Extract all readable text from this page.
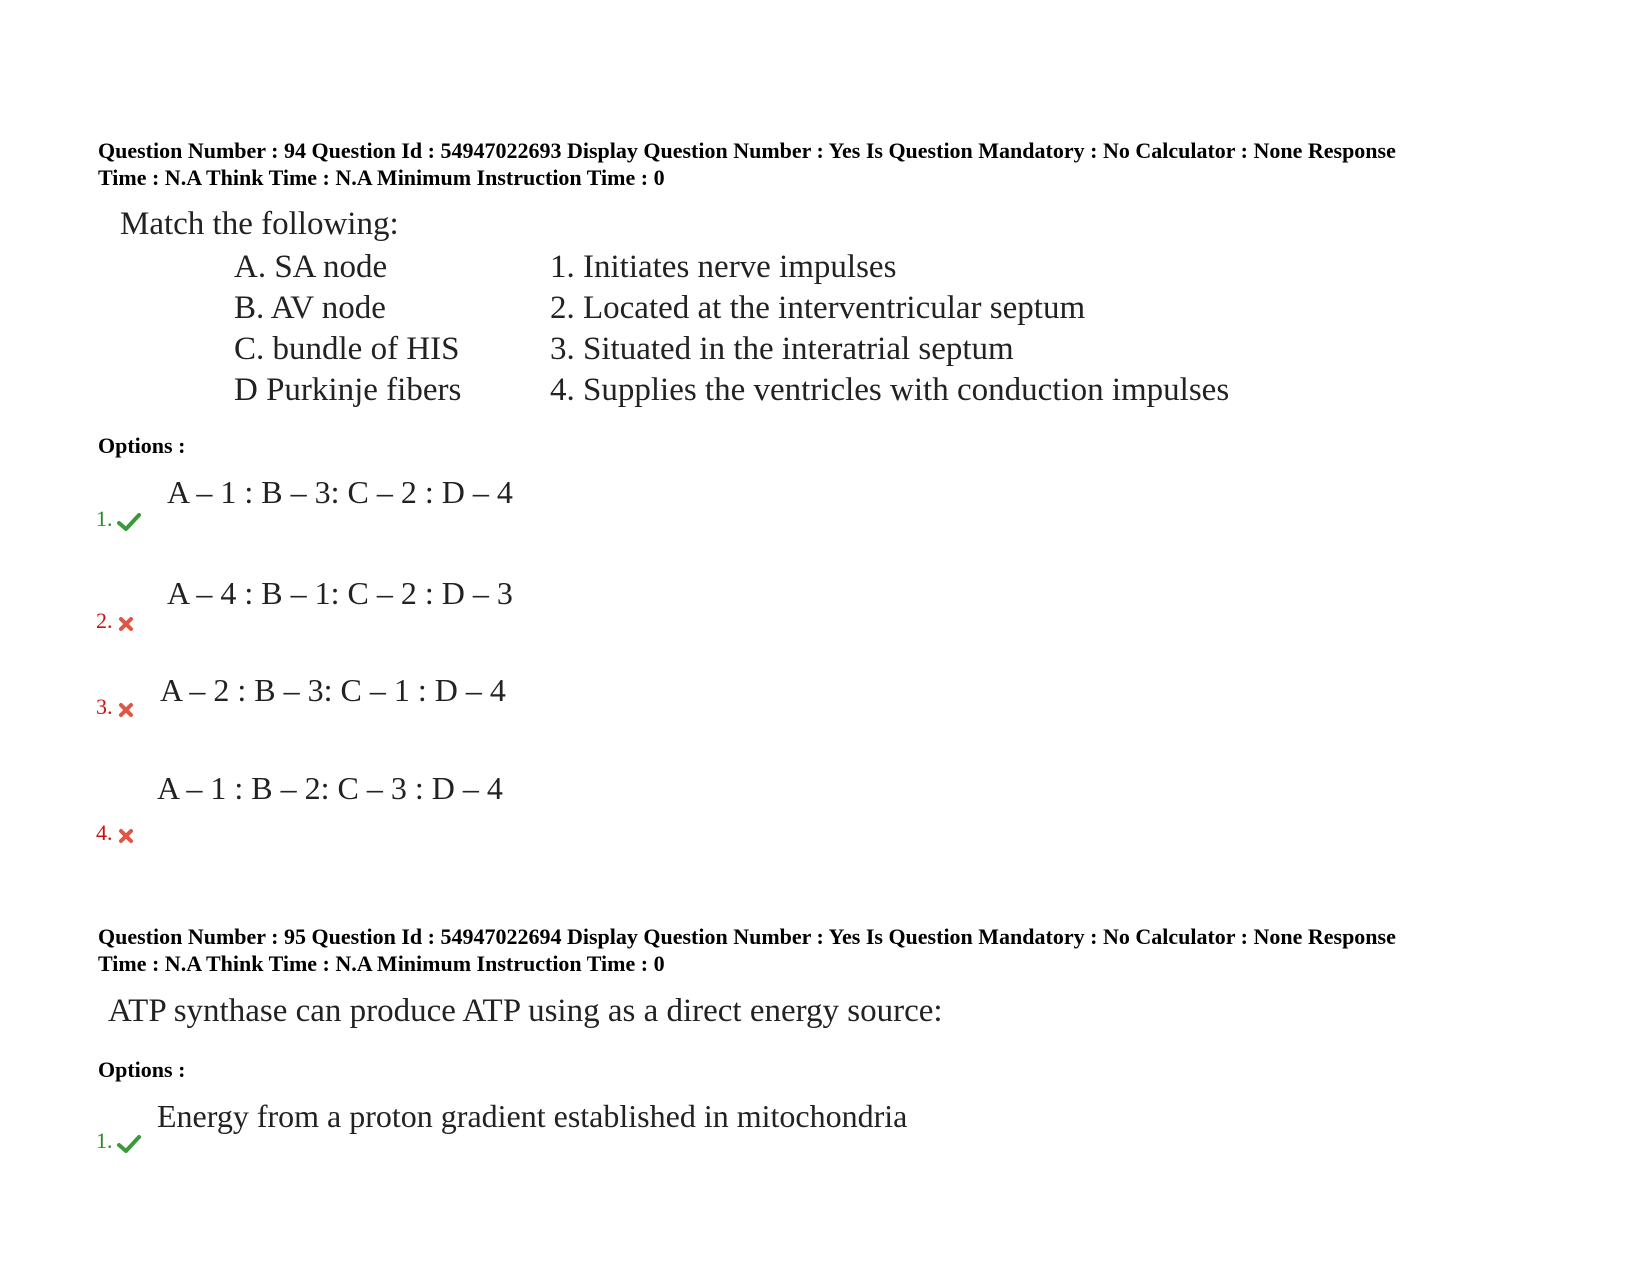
Question Number : 94 Question Id : 54947022693 Display Question Number : Yes Is Question Mandatory : No Calculator : None Response
Time : N.A Think Time : N.A Minimum Instruction Time : 0
Match the following:
A. SA node
B. AV node
C. bundle of HIS
D Purkinje fibers
1. Initiates nerve impulses
2. Located at the interventricular septum
3. Situated in the interatrial septum
4. Supplies the ventricles with conduction impulses
Options :
A – 1 : B – 3: C – 2 : D – 4
1.
A – 4 : B – 1: C – 2 : D – 3
2.
A – 2 : B – 3: C – 1 : D – 4
3.
A – 1 : B – 2: C – 3 : D – 4
4.
Question Number : 95 Question Id : 54947022694 Display Question Number : Yes Is Question Mandatory : No Calculator : None Response
Time : N.A Think Time : N.A Minimum Instruction Time : 0
ATP synthase can produce ATP using as a direct energy source:
Options :
Energy from a proton gradient established in mitochondria
1.
